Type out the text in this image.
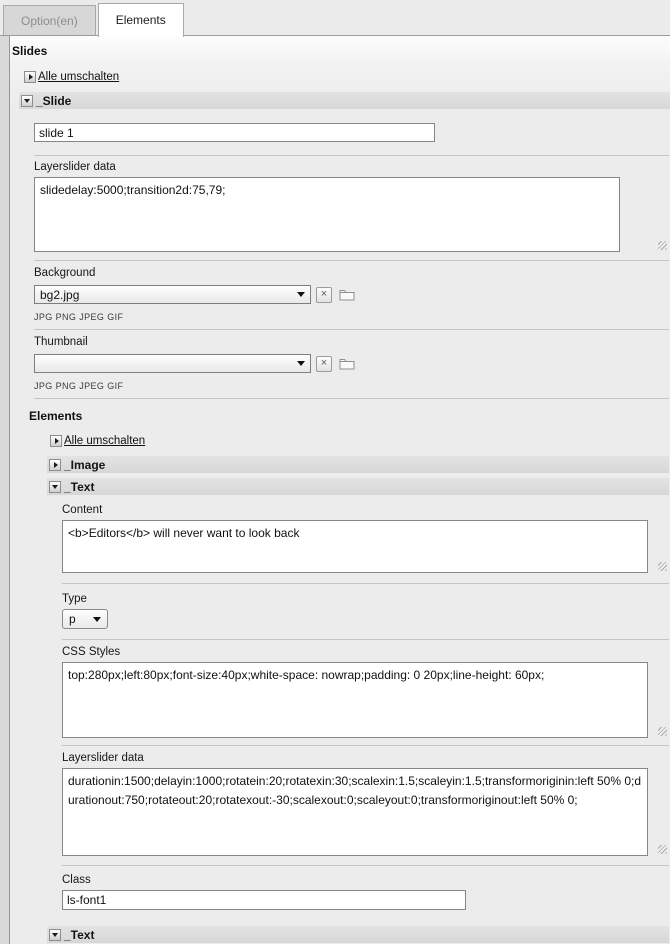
Option(en)	Elements
Slides
Alle umschalten
_Slide
slide 1
Layerslider data
slidedelay:5000;transition2d:75,79;
Background
bg2.jpg	×
JPG PNG JPEG GIF
Thumbnail
×
JPG PNG JPEG GIF
Elements
Alle umschalten
_Image
_Text
Content
<b>Editors</b> will never want to look back
Type
p
CSS Styles
top:280px;left:80px;font-size:40px;white-space: nowrap;padding: 0 20px;line-height: 60px;
Layerslider data
durationin:1500;delayin:1000;rotatein:20;rotatexin:30;scalexin:1.5;scaleyin:1.5;transformoriginin:left 50% 0;durationout:750;rotateout:20;rotatexout:-30;scalexout:0;scaleyout:0;transformoriginout:left 50% 0;
Class
ls-font1
_Text
